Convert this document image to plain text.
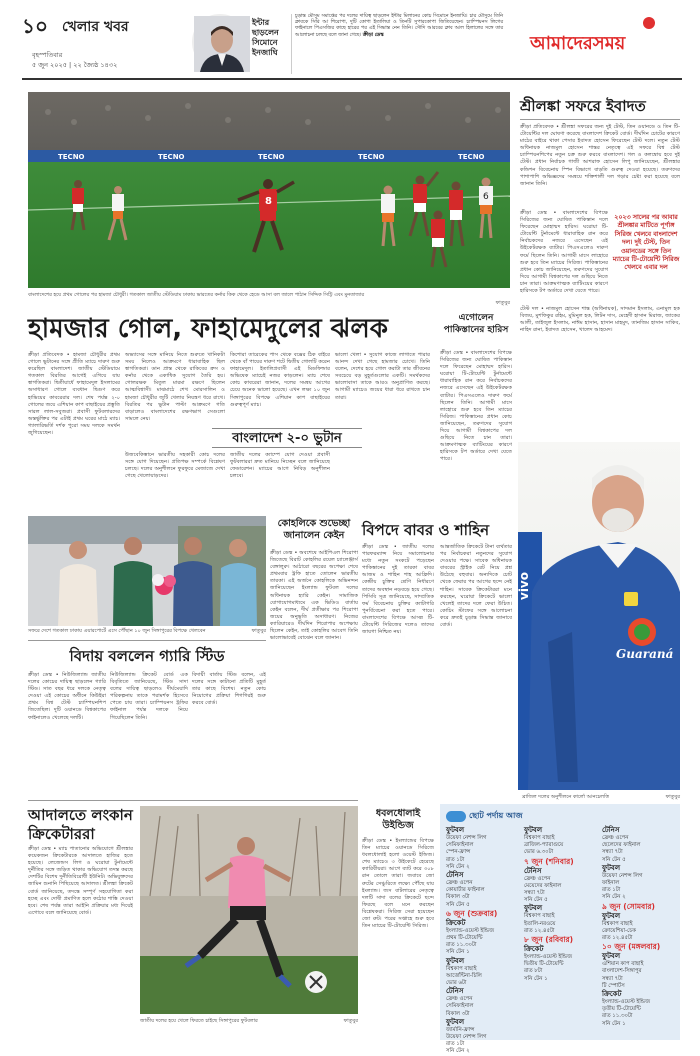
১০ খেলার খবর
বৃহস্পতিবার
৫ জুন ২০২৫ | ২২ জ্যৈষ্ঠ ১৪৩২
ইন্টার ছাড়লেন সিমোনে ইনজাঘি
চূড়ান্ত মৌসুম সমাপ্তের পর দলের দায়িত্ব ছাড়লেন ইন্টার মিলানের কোচ সিমোনে ইনজাঘি। চার মৌসুমে তিনি ক্লাবকে সিরি আ শিরোপা, দুটি কোপা ইতালিয়া ও তিনটি সুপারকোপা জিতিয়েছেন। চ্যাম্পিয়নস লিগের ফাইনালে পিএসজির কাছে হারের পর এই সিদ্ধান্ত নেন তিনি। সৌদি আরবের ক্লাব আল হিলালের সঙ্গে তার আলোচনা চলছে বলে জানা গেছে। ক্রীড়া ডেস্ক	আমাদেরসময়
TECNO	TECNO	TECNO	TECNO	TECNO
8	6
বাংলাদেশের হয়ে প্রথম গোলের পর হামজা চৌধুরী। গতকাল জাতীয় স্টেডিয়াম ঢাকায় ভারতের কর্নার কিক থেকে হেডে আসা বল জালে পাঠান সিদ্দিক সিট্টি এবং মুনতাজার
ফাতুবুর
হামজার গোল, ফাহামেদুলের ঝলক
ক্রীড়া প্রতিবেদক • হামজা চৌধুরীর প্রথম গোলে ভুটানের সঙ্গে প্রীতি ম্যাচে দারুণ শুরু করেছিল বাংলাদেশ। জাতীয় স্টেডিয়ামে গতকাল বিরতির আগেই এগিয়ে যায় স্বাগতিকরা। দ্বিতীয়ার্ধে ফাহামেদুল ইসলামের অসাধারণ গোলে ব্যবধান দ্বিগুণ করে হাভিয়ের কাবরেরার দল। শেষ পর্যন্ত ২-০ গোলের জয়ে এশিয়ান কাপ বাছাইয়ের প্রস্তুতি সারল লাল-সবুজরা। প্রবাসী ফুটবলারদের অন্তর্ভুক্তির পর এটাই প্রথম ঘরের মাঠে ম্যাচ। গ্যালারিভর্তি দর্শক পুরো সময় দলকে সমর্থন জুগিয়েছেন।
অভ্যাসের সঙ্গে মানিয়ে নিতে শুরুতে খানিকটা সময় নিলেও আক্রমণে ধারাবাহিক ছিল স্বাগতিকরা। ডান প্রান্ত থেকে রাকিবের ক্রস ও কর্নার থেকে একাধিক সুযোগ তৈরি হয়। গোলরক্ষক মিতুল মারমা রক্ষণে ছিলেন আত্মবিশ্বাসী। মাঝমাঠে শেখ মোরসালিন ও হামজা চৌধুরীর জুটি খেলার নিয়ন্ত্রণ ধরে রাখে। বিরতির পর ভুটান পাল্টা আক্রমণে গতি বাড়ালেও বাংলাদেশের রক্ষণভাগ সেগুলো সামলে নেয়।
কিশোরা তারেকের পাস থেকে বক্সের ঠিক বাইরে থেকে বাঁ পায়ের দারুণ শটে দ্বিতীয় গোলটি করেন ফাহামেদুল। ইতালিপ্রবাসী এই মিডফিল্ডার অভিষেক ম্যাচেই নজর কাড়লেন। ম্যাচ শেষে কোচ কাবরেরা জানান, দলের সমন্বয় আগের চেয়ে অনেক ভালো হয়েছে। এখন লক্ষ্য ১০ জুন সিঙ্গাপুরের বিপক্ষে এশিয়ান কাপ বাছাইয়ের গুরুত্বপূর্ণ ম্যাচ।
বাংলাদেশ ২-০ ভুটান
উজবেকিস্তানে ভারতীয় সহকারী কোচ দলের সঙ্গে যোগ দিয়েছেন। প্রতিপক্ষ সম্পর্কে বিশ্লেষণ চলছে। দলের অনুশীলনে ফুরফুরে মেজাজে দেখা গেছে খেলোয়াড়দের।
জাতীয় দলের ক্যাম্পে যোগ দেওয়া প্রবাসী ফুটবলাররা দ্রুত মানিয়ে নিচ্ছেন বলে জানিয়েছে ফেডারেশন। ম্যাচের আগে নিবিড় অনুশীলন চলবে।
ভালো খেলা • সুযোগ কাজে লাগাতে পারার আনন্দ দেখা গেছে হামজার চোখে। তিনি বলেন, দেশের হয়ে গোল করাটা তার জীবনের সবচেয়ে বড় মুহূর্তগুলোর একটি। সমর্থকদের ভালোবাসা তাকে আরও অনুপ্রাণিত করছে। আগামী ম্যাচেও জয়ের ধারা ধরে রাখতে চান তারা।
এগোলেন পাকিস্তানের হারিস
ক্রীড়া ডেস্ক • বাংলাদেশের বিপক্ষে সিরিজের জন্য ঘোষিত পাকিস্তান দলে ফিরেছেন মোহাম্মদ হারিস। ঘরোয়া টি-টোয়েন্টি টুর্নামেন্টে ধারাবাহিক রান করে নির্বাচকদের নজরে এসেছেন এই উইকেটরক্ষক ব্যাটার। পিএসএলেও দারুণ ফর্মে ছিলেন তিনি। আগামী মাসে লাহোরে শুরু হবে তিন ম্যাচের সিরিজ। পাকিস্তানের প্রধান কোচ জানিয়েছেন, তরুণদের সুযোগ দিয়ে আগামী বিশ্বকাপের দল গুছিয়ে নিতে চান তারা। আক্রমণাত্মক ব্যাটিংয়ের কারণে হারিসকে টপ অর্ডারে দেখা যেতে পারে।
সফরে দেশে গতকাল ঢাকায় এয়ারপোর্টে এসে পৌঁছান ১০ জুন সিঙ্গাপুরের বিপক্ষে খেলবেন	ফাতুবুর
কোহলিকে শুভেচ্ছা জানালেন কেইন
ক্রীড়া ডেস্ক • অবশেষে আইপিএল শিরোপা জিতেছে বিরাট কোহলির রয়েল চ্যালেঞ্জার্স বেঙ্গালুরু। আঠারো বছরের অপেক্ষা শেষে প্রথমবার ট্রফি হাতে তোলেন ভারতীয় তারকা। এই অর্জনে কোহলিকে অভিনন্দন জানিয়েছেন ইংল্যান্ড ফুটবল দলের অধিনায়ক হ্যারি কেইন। সামাজিক যোগাযোগমাধ্যমে এক ভিডিও বার্তায় কেইন বলেন, দীর্ঘ প্রতীক্ষার পর শিরোপা জয়ের অনুভূতি অসাধারণ। নিজের ক্যারিয়ারেও দীর্ঘদিন শিরোপার অপেক্ষায় ছিলেন কেইন, তাই কোহলির আবেগ তিনি ভালোভাবেই বোঝেন বলে জানান।
বিপদে বাবর ও শাহিন
ক্রীড়া ডেস্ক • জাতীয় দলের পারফরম্যান্স নিয়ে সমালোচনার মধ্যে নতুন সংকটে পড়েছেন পাকিস্তানের দুই তারকা বাবর আজম ও শাহিন শাহ আফ্রিদি। কেন্দ্রীয় চুক্তির শ্রেণি নির্ধারণে তাদের অবস্থান নড়বড়ে হয়ে গেছে। পিসিবি সূত্র জানিয়েছে, সাম্প্রতিক ফর্ম বিবেচনায় চুক্তির ক্যাটাগরি পুনর্বিবেচনা করা হতে পারে। বাংলাদেশের বিপক্ষে আসন্ন টি-টোয়েন্টি সিরিজের দলেও তাদের জায়গা নিশ্চিত নয়।
আন্তর্জাতিক ক্রিকেটে টানা ব্যর্থতার পর নির্বাচকরা নতুনদের সুযোগ দেওয়ার পক্ষে। সাবেক অধিনায়ক বাবরের স্ট্রাইক রেট নিয়ে প্রশ্ন উঠেছে বহুবার। অন্যদিকে চোট থেকে ফেরার পর আগের ছন্দে নেই শাহিন। সাবেক ক্রিকেটাররা মনে করছেন, ঘরোয়া ক্রিকেটে ভালো খেলেই তাদের দলে ফেরা উচিত। কোচিং স্টাফের সঙ্গে আলোচনা করে দ্রুতই চূড়ান্ত সিদ্ধান্ত জানাবে বোর্ড।
বিদায় বললেন গ্যারি স্টিড
ক্রীড়া ডেস্ক • নিউজিল্যান্ড জাতীয় দলের কোচের দায়িত্ব ছাড়লেন গ্যারি স্টিড। সাত বছর ধরে দলকে নেতৃত্ব দেওয়া এই কোচের অধীনে কিউইরা প্রথম বিশ্ব টেস্ট চ্যাম্পিয়নশিপ জিতেছিল। দুটি ওয়ানডে বিশ্বকাপের ফাইনালেও খেলেছে দলটি।
নিউজিল্যান্ড ক্রিকেট বোর্ড এক বিবৃতিতে জানিয়েছে, স্টিড সাদা বলের দায়িত্ব ছাড়লেও দীর্ঘমেয়াদি পরিকল্পনায় তাকে পরামর্শক হিসেবে পেতে চায় তারা। চ্যাম্পিয়নস ট্রফির ফাইনাল পর্যন্ত দলকে নিয়ে গিয়েছিলেন তিনি।
বিদায়ী বার্তায় স্টিড বলেন, এই দলের সঙ্গে কাটানো প্রতিটি মুহূর্ত তার কাছে বিশেষ। নতুন কোচ নিয়োগের প্রক্রিয়া শিগগিরই শুরু করবে বোর্ড।
আদালতে লংকান ক্রিকেটাররা
ক্রীড়া ডেস্ক • ম্যাচ পাতানোর অভিযোগে শ্রীলঙ্কার কয়েকজন ক্রিকেটারকে আদালতে হাজির হতে হয়েছে। লেজেন্ডস লিগ ও ঘরোয়া টুর্নামেন্টে দুর্নীতির সঙ্গে জড়িত থাকার অভিযোগ তদন্ত করছে দেশটির বিশেষ দুর্নীতিবিরোধী ইউনিট। অভিযুক্তদের জামিন শুনানি পিছিয়েছে আদালত। শ্রীলঙ্কা ক্রিকেট বোর্ড জানিয়েছে, তদন্তে সম্পূর্ণ সহযোগিতা করা হচ্ছে এবং দোষী প্রমাণিত হলে কঠোর শাস্তি দেওয়া হবে। শেষ পর্যন্ত তারা আইনি প্রক্রিয়ার মধ্য দিয়েই এগোবে বলে জানিয়েছে বোর্ড।
জাতীয় দলের হয়ে খেলে ফিরতে চাইছে সিঙ্গাপুরের ফুটবলার	ফাতুবুর
ধবলধোলাই উইন্ডিজ
ক্রীড়া ডেস্ক • ইংল্যান্ডের বিপক্ষে তিন ম্যাচের ওয়ানডে সিরিজে ধবলধোলাই হলো ওয়েস্ট ইন্ডিজ। শেষ ম্যাচেও ৩ উইকেটে হেরেছে ক্যারিবীয়রা। আগে ব্যাট করে ৩০৮ রান তোলে তারা। জবাবে জো রুটের সেঞ্চুরিতে লক্ষ্যে পৌঁছে যায় ইংল্যান্ড। জস বাটলারের নেতৃত্বে দলটি সাদা বলের ক্রিকেটে ছন্দে ফিরছে বলে মনে করছেন বিশ্লেষকরা। সিরিজ সেরা হয়েছেন জো রুট। পরের সপ্তাহে শুরু হবে তিন ম্যাচের টি-টোয়েন্টি সিরিজ।
শ্রীলঙ্কা সফরে ইবাদত
ক্রীড়া প্রতিবেদক • শ্রীলঙ্কা সফরের জন্য দুই টেস্ট, তিন ওয়ানডে ও তিন টি-টোয়েন্টির দল ঘোষণা করেছে বাংলাদেশ ক্রিকেট বোর্ড। দীর্ঘদিন চোটের কারণে মাঠের বাইরে থাকা পেসার ইবাদত হোসেন ফিরেছেন টেস্ট দলে। নতুন টেস্ট অধিনায়ক নাজমুল হোসেন শান্তর নেতৃত্বে এই সফরে বিশ্ব টেস্ট চ্যাম্পিয়নশিপের নতুন চক্র শুরু করবে বাংলাদেশ। গল ও কলম্বোয় হবে দুই টেস্ট। প্রধান নির্বাচক গাজী আশরাফ হোসেন লিপু জানিয়েছেন, শ্রীলঙ্কার কন্ডিশন বিবেচনায় স্পিন বিভাগে বাড়তি গুরুত্ব দেওয়া হয়েছে। তরুণদের পাশাপাশি অভিজ্ঞদের সমন্বয়ে শক্তিশালী দল গড়ার চেষ্টা করা হয়েছে বলে জানান তিনি।
ক্রীড়া ডেস্ক • বাংলাদেশের বিপক্ষে সিরিজের জন্য ঘোষিত পাকিস্তান দলে ফিরেছেন মোহাম্মদ হারিস। ঘরোয়া টি-টোয়েন্টি টুর্নামেন্টে ধারাবাহিক রান করে নির্বাচকদের নজরে এসেছেন এই উইকেটরক্ষক ব্যাটার। পিএসএলেও দারুণ ফর্মে ছিলেন তিনি। আগামী মাসে লাহোরে শুরু হবে তিন ম্যাচের সিরিজ। পাকিস্তানের প্রধান কোচ জানিয়েছেন, তরুণদের সুযোগ দিয়ে আগামী বিশ্বকাপের দল গুছিয়ে নিতে চান তারা। আক্রমণাত্মক ব্যাটিংয়ের কারণে হারিসকে টপ অর্ডারে দেখা যেতে পারে।
২০২৩ সালের পর আবার শ্রীলঙ্কার মাটিতে পূর্ণাঙ্গ সিরিজ খেলবে বাংলাদেশ দল। দুই টেস্ট, তিন ওয়ানডের সঙ্গে তিন ম্যাচের টি-টোয়েন্টি সিরিজ খেলবে এবার দল
টেস্ট দল • নাজমুল হোসেন শান্ত (অধিনায়ক), সাদমান ইসলাম, এনামুল হক বিজয়, মুশফিকুর রহিম, মুমিনুল হক, লিটন দাস, মেহেদী হাসান মিরাজ, জাকের আলী, তাইজুল ইসলাম, নাঈম হাসান, হাসান মাহমুদ, তানজিম হাসান সাকিব, নাহিদ রানা, ইবাদত হোসেন, খালেদ আহমেদ।
vivo
Guaraná
ব্রাজিল দলের অনুশীলনে কার্লো আনচেলত্তি	ফাতুবুর
ছোট পর্দায় আজ
ফুটবল
উয়েফা নেশন্স লিগ
সেমিফাইনাল
স্পেন-ফ্রান্স
রাত ১টা
সনি টেন ২
টেনিস
ফ্রেঞ্চ ওপেন
কোয়ার্টার ফাইনাল
বিকাল ৩টা
সনি টেন ৫
৬ জুন (শুক্রবার)
ক্রিকেট
ইংল্যান্ড-ওয়েস্ট ইন্ডিজ
প্রথম টি-টোয়েন্টি
রাত ১১.৩০টা
সনি টেন ১
ফুটবল
বিশ্বকাপ বাছাই
আর্জেন্টিনা-চিলি
ভোর ৬টা
টেনিস
ফ্রেঞ্চ ওপেন
সেমিফাইনাল
বিকাল ৩টা
ফুটবল
জার্মানি-ফ্রান্স
উয়েফা নেশন্স লিগ
রাত ১টা
সনি টেন ২
ফুটবল
বিশ্বকাপ বাছাই
ব্রাজিল-প্যারাগুয়ে
ভোর ৬.৩০টা
৭ জুন (শনিবার)
টেনিস
ফ্রেঞ্চ ওপেন
মেয়েদের ফাইনাল
সন্ধ্যা ৭টা
সনি টেন ৫
ফুটবল
বিশ্বকাপ বাছাই
ইতালি-নরওয়ে
রাত ১২.৪৫টা
৮ জুন (রবিবার)
ক্রিকেট
ইংল্যান্ড-ওয়েস্ট ইন্ডিজ
দ্বিতীয় টি-টোয়েন্টি
রাত ৮টা
সনি টেন ১
টেনিস
ফ্রেঞ্চ ওপেন
ছেলেদের ফাইনাল
সন্ধ্যা ৭টা
সনি টেন ৫
ফুটবল
উয়েফা নেশন্স লিগ
ফাইনাল
রাত ১টা
সনি টেন ২
৯ জুন (সোমবার)
ফুটবল
বিশ্বকাপ বাছাই
ক্রোয়েশিয়া-চেক
রাত ১২.৪৫টা
১০ জুন (মঙ্গলবার)
ফুটবল
এশিয়ান কাপ বাছাই
বাংলাদেশ-সিঙ্গাপুর
সন্ধ্যা ৭টা
টি স্পোর্টস
ক্রিকেট
ইংল্যান্ড-ওয়েস্ট ইন্ডিজ
তৃতীয় টি-টোয়েন্টি
রাত ১১.৩০টা
সনি টেন ১
